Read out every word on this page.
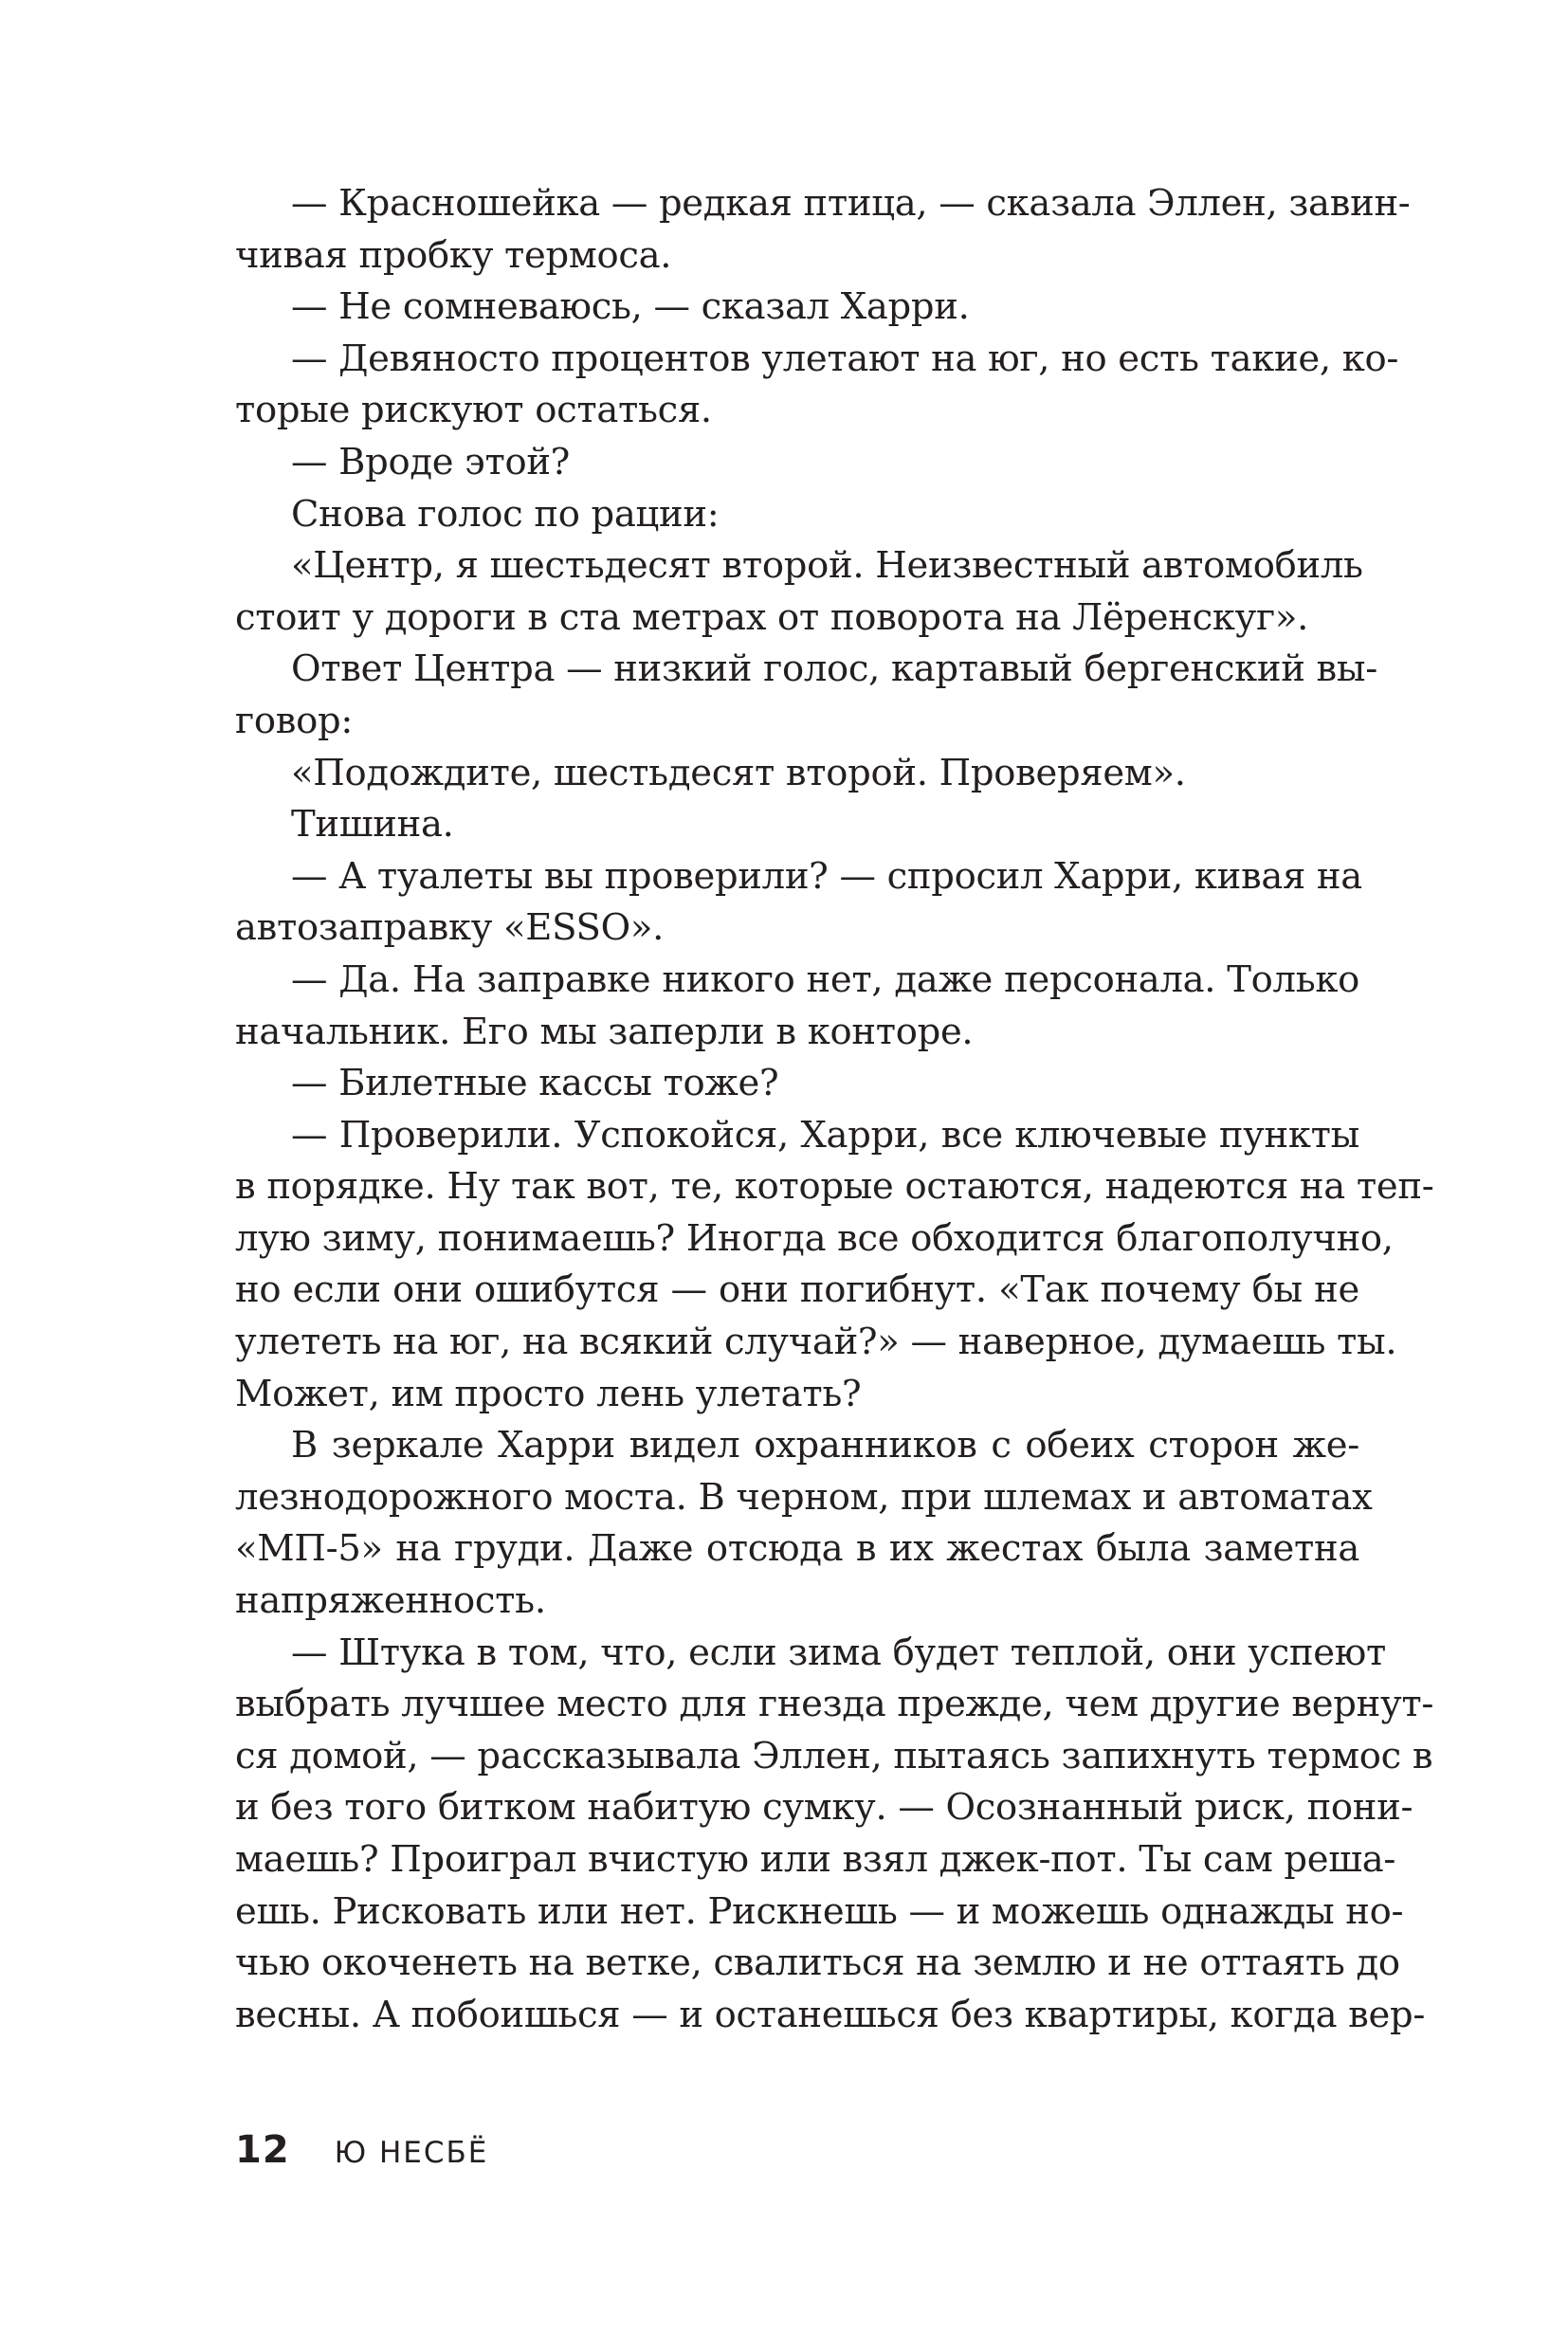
— Красношейка — редкая птица, — сказала Эллен, завин-
чивая пробку термоса.
— Не сомневаюсь, — сказал Харри.
— Девяносто процентов улетают на юг, но есть такие, ко-
торые рискуют остаться.
— Вроде этой?
Снова голос по рации:
«Центр, я шестьдесят второй. Неизвестный автомобиль
стоит у дороги в ста метрах от поворота на Лёренскуг».
Ответ Центра — низкий голос, картавый бергенский вы-
говор:
«Подождите, шестьдесят второй. Проверяем».
Тишина.
— А туалеты вы проверили? — спросил Харри, кивая на
автозаправку «ESSO».
— Да. На заправке никого нет, даже персонала. Только
начальник. Его мы заперли в конторе.
— Билетные кассы тоже?
— Проверили. Успокойся, Харри, все ключевые пункты
в порядке. Ну так вот, те, которые остаются, надеются на теп-
лую зиму, понимаешь? Иногда все обходится благополучно,
но если они ошибутся — они погибнут. «Так почему бы не
улететь на юг, на всякий случай?» — наверное, думаешь ты.
Может, им просто лень улетать?
В зеркале Харри видел охранников с обеих сторон же-
лезнодорожного моста. В черном, при шлемах и автоматах
«МП-5» на груди. Даже отсюда в их жестах была заметна
напряженность.
— Штука в том, что, если зима будет теплой, они успеют
выбрать лучшее место для гнезда прежде, чем другие вернут-
ся домой, — рассказывала Эллен, пытаясь запихнуть термос в
и без того битком набитую сумку. — Осознанный риск, пони-
маешь? Проиграл вчистую или взял джек-пот. Ты сам реша-
ешь. Рисковать или нет. Рискнешь — и можешь однажды но-
чью окоченеть на ветке, свалиться на землю и не оттаять до
весны. А побоишься — и останешься без квартиры, когда вер-
12 Ю НЕСБЁ
